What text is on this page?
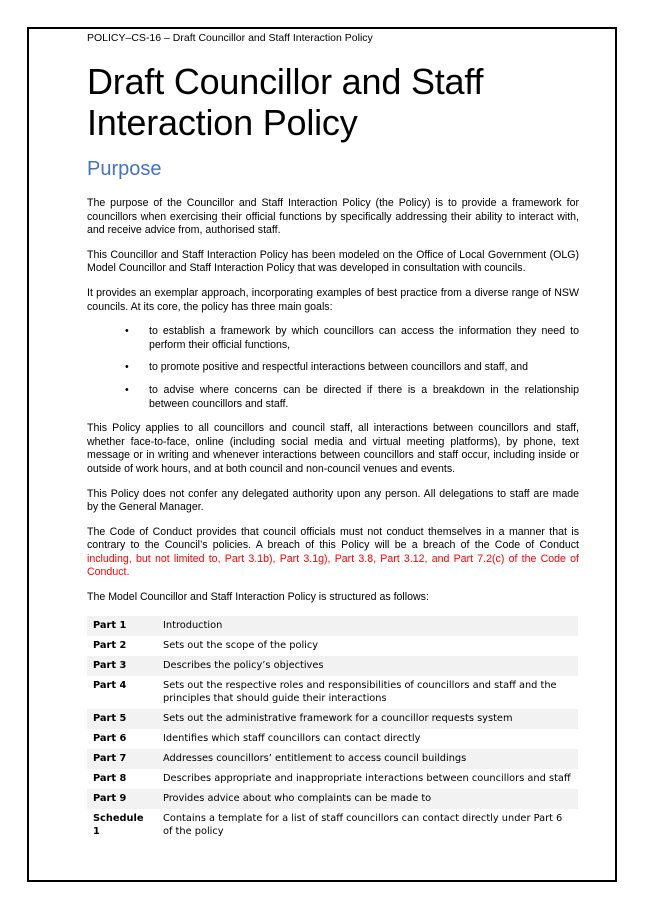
POLICY–CS-16 – Draft Councillor and Staff Interaction Policy
Draft Councillor and Staff
Interaction Policy
Purpose

The purpose of the Councillor and Staff Interaction Policy (the Policy) is to provide a framework for councillors when exercising their official functions by specifically addressing their ability to interact with, and receive advice from, authorised staff.

This Councillor and Staff Interaction Policy has been modeled on the Office of Local Government (OLG) Model Councillor and Staff Interaction Policy that was developed in consultation with councils.

It provides an exemplar approach, incorporating examples of best practice from a diverse range of NSW councils. At its core, the policy has three main goals:

• to establish a framework by which councillors can access the information they need to perform their official functions,
• to promote positive and respectful interactions between councillors and staff, and
• to advise where concerns can be directed if there is a breakdown in the relationship between councillors and staff.

This Policy applies to all councillors and council staff, all interactions between councillors and staff, whether face-to-face, online (including social media and virtual meeting platforms), by phone, text message or in writing and whenever interactions between councillors and staff occur, including inside or outside of work hours, and at both council and non-council venues and events.

This Policy does not confer any delegated authority upon any person. All delegations to staff are made by the General Manager.

The Code of Conduct provides that council officials must not conduct themselves in a manner that is contrary to the Council’s policies. A breach of this Policy will be a breach of the Code of Conduct including, but not limited to, Part 3.1b), Part 3.1g), Part 3.8, Part 3.12, and Part 7.2(c) of the Code of Conduct.

The Model Councillor and Staff Interaction Policy is structured as follows:

Part 1	Introduction
Part 2	Sets out the scope of the policy
Part 3	Describes the policy’s objectives
Part 4	Sets out the respective roles and responsibilities of councillors and staff and the principles that should guide their interactions
Part 5	Sets out the administrative framework for a councillor requests system
Part 6	Identifies which staff councillors can contact directly
Part 7	Addresses councillors’ entitlement to access council buildings
Part 8	Describes appropriate and inappropriate interactions between councillors and staff
Part 9	Provides advice about who complaints can be made to
Schedule 1	Contains a template for a list of staff councillors can contact directly under Part 6 of the policy
